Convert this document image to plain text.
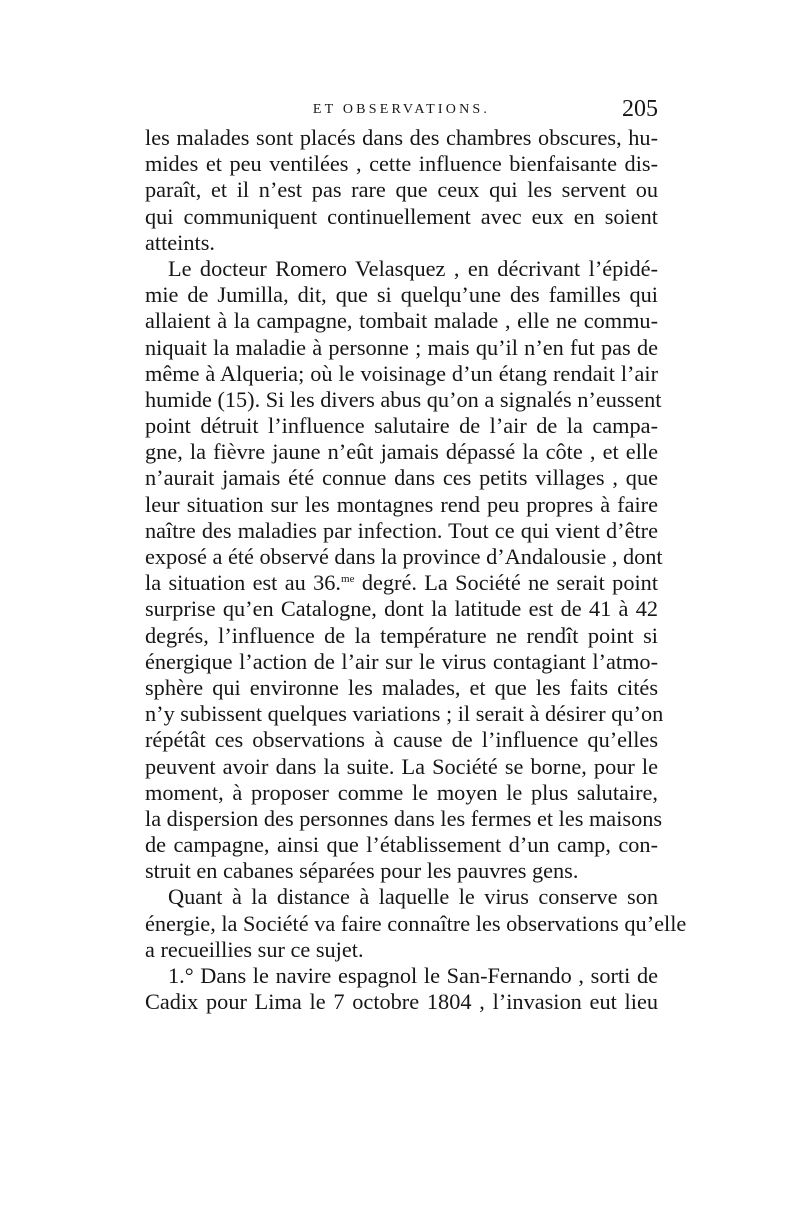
ET OBSERVATIONS.	205
les malades sont placés dans des chambres obscures, hu-
mides et peu ventilées , cette influence bienfaisante dis-
paraît, et il n’est pas rare que ceux qui les servent ou
qui communiquent continuellement avec eux en soient
atteints.
Le docteur Romero Velasquez , en décrivant l’épidé-
mie de Jumilla, dit, que si quelqu’une des familles qui
allaient à la campagne, tombait malade , elle ne commu-
niquait la maladie à personne ; mais qu’il n’en fut pas de
même à Alqueria; où le voisinage d’un étang rendait l’air
humide (15). Si les divers abus qu’on a signalés n’eussent
point détruit l’influence salutaire de l’air de la campa-
gne, la fièvre jaune n’eût jamais dépassé la côte , et elle
n’aurait jamais été connue dans ces petits villages , que
leur situation sur les montagnes rend peu propres à faire
naître des maladies par infection. Tout ce qui vient d’être
exposé a été observé dans la province d’Andalousie , dont
la situation est au 36.$^{me}$ degré. La Société ne serait point
surprise qu’en Catalogne, dont la latitude est de 41 à 42
degrés, l’influence de la température ne rendît point si
énergique l’action de l’air sur le virus contagiant l’atmo-
sphère qui environne les malades, et que les faits cités
n’y subissent quelques variations ; il serait à désirer qu’on
répétât ces observations à cause de l’influence qu’elles
peuvent avoir dans la suite. La Société se borne, pour le
moment, à proposer comme le moyen le plus salutaire,
la dispersion des personnes dans les fermes et les maisons
de campagne, ainsi que l’établissement d’un camp, con-
struit en cabanes séparées pour les pauvres gens.
Quant à la distance à laquelle le virus conserve son
énergie, la Société va faire connaître les observations qu’elle
a recueillies sur ce sujet.
1.° Dans le navire espagnol le San-Fernando , sorti de
Cadix pour Lima le 7 octobre 1804 , l’invasion eut lieu
